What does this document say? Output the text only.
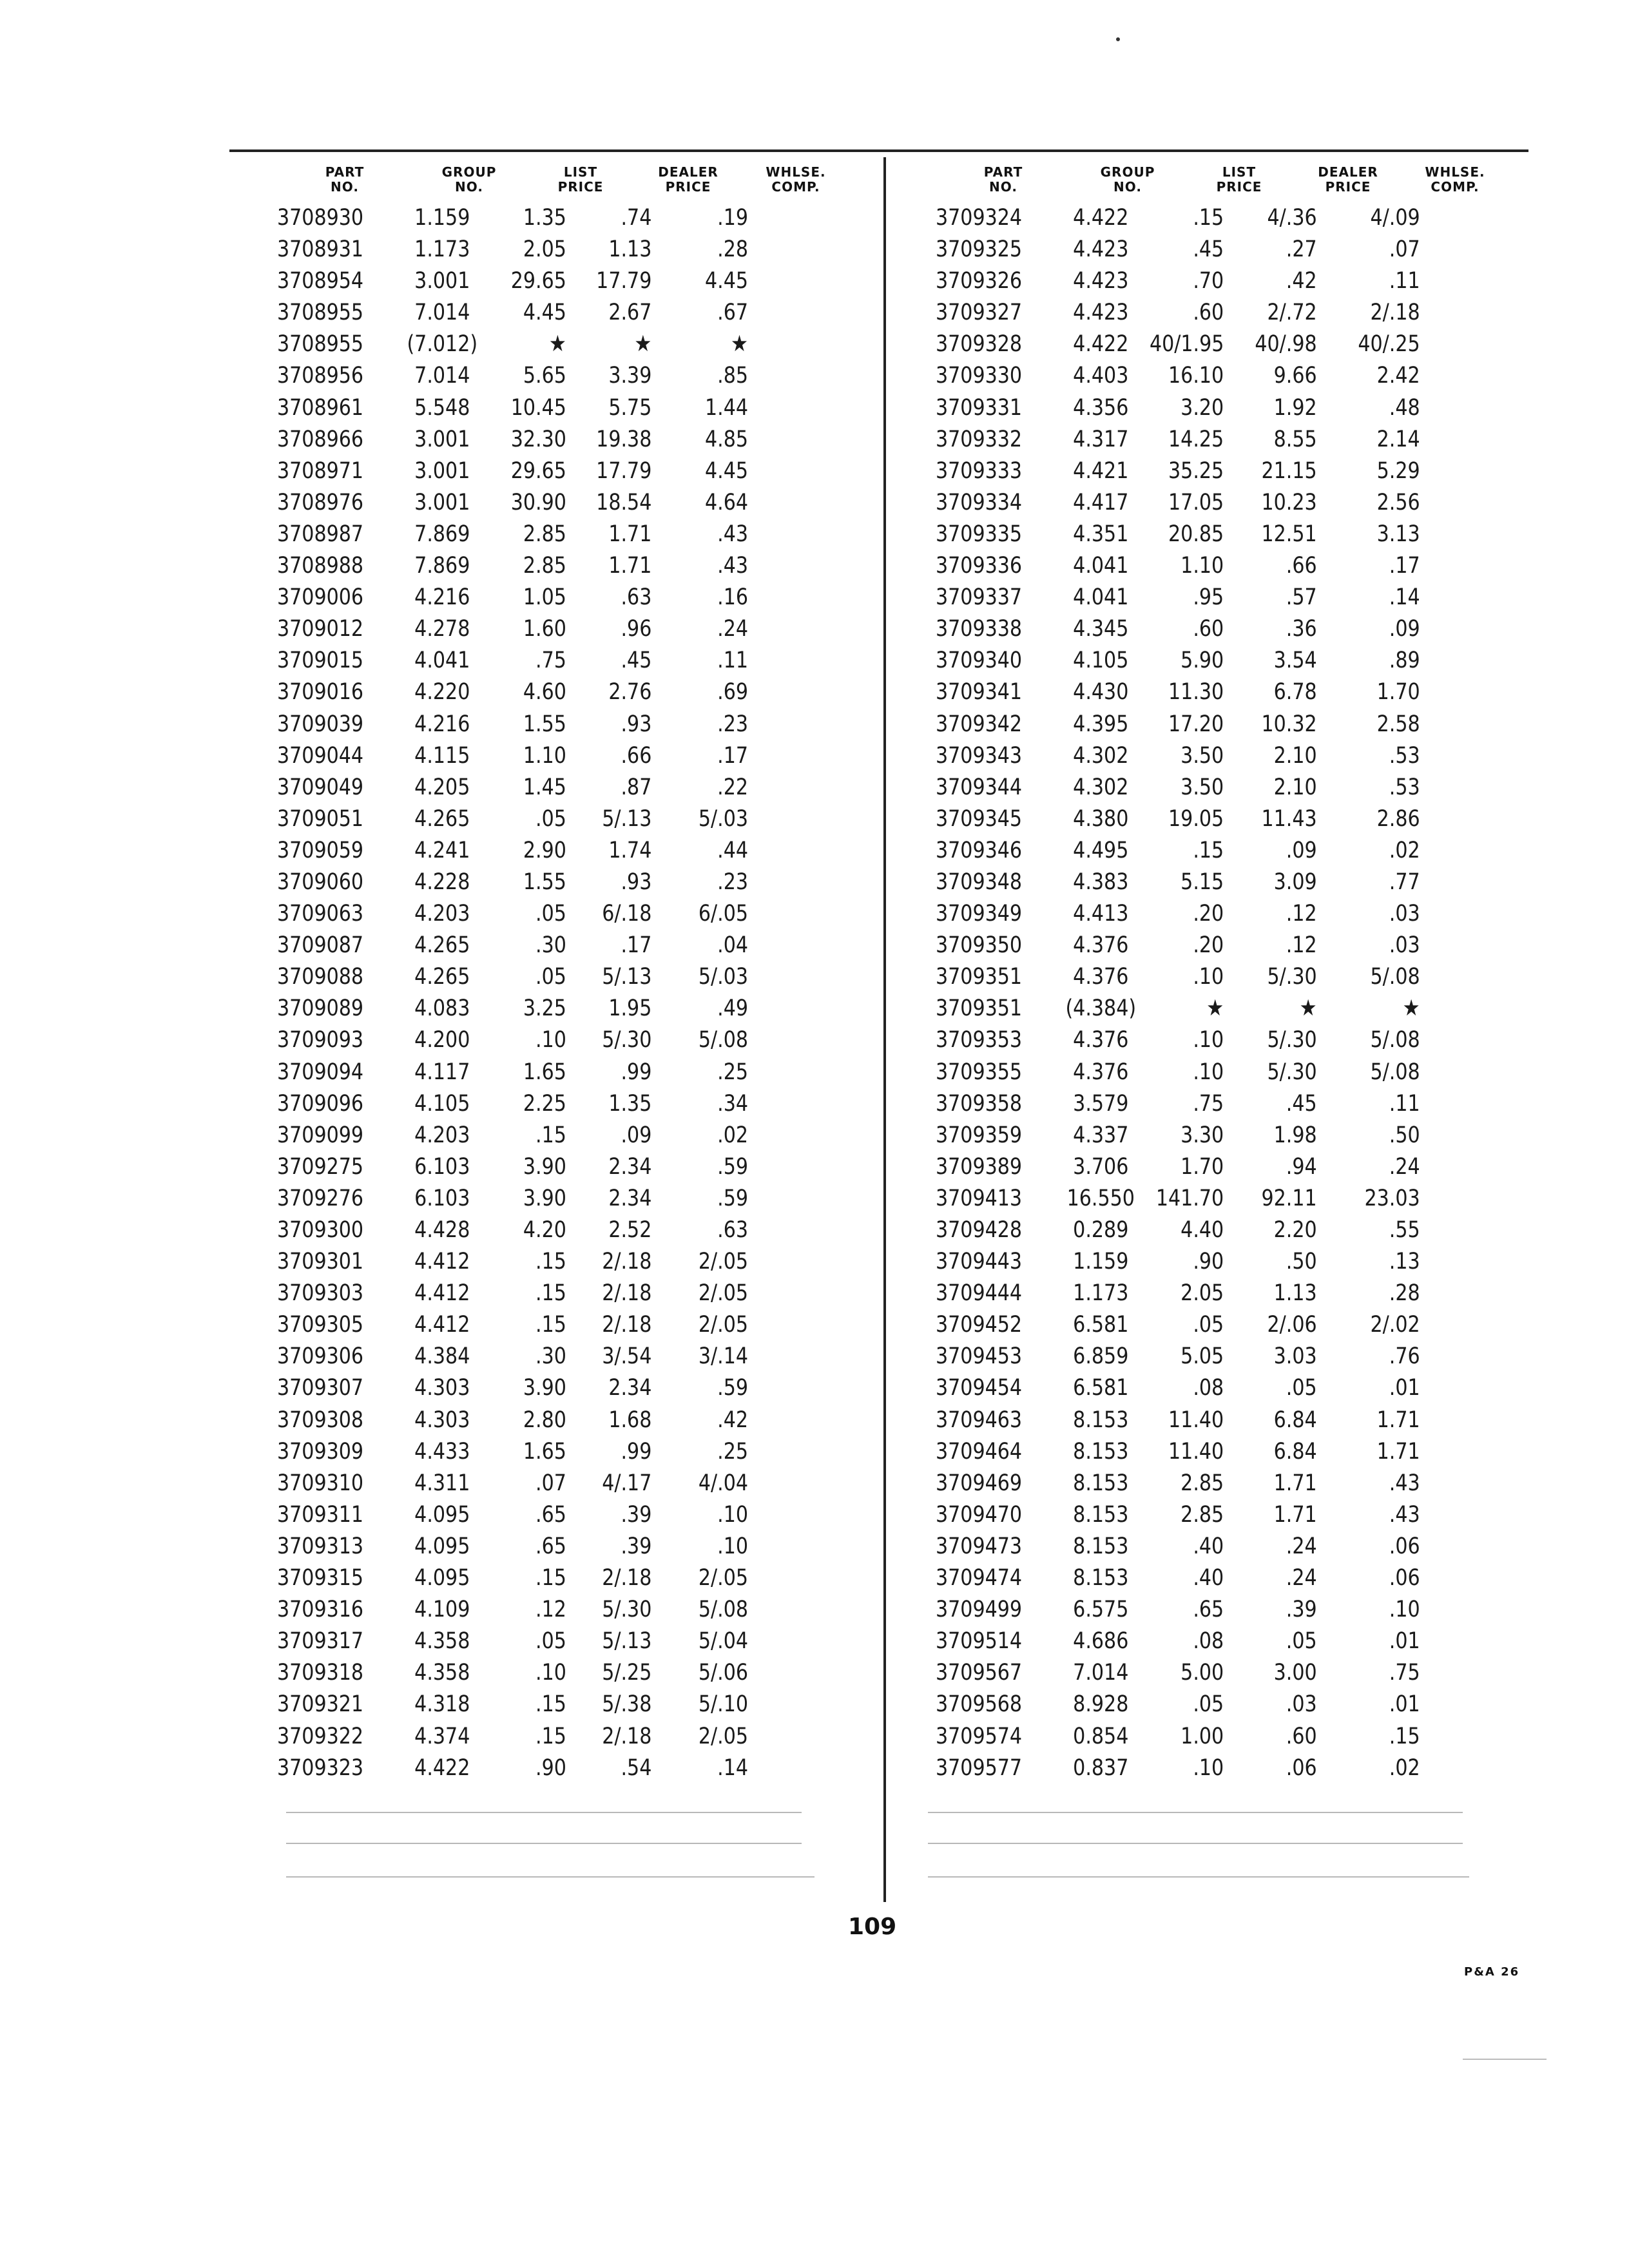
PART
NO.
GROUP
NO.
LIST
PRICE
DEALER
PRICE
WHLSE.
COMP.
3708930	1.159	1.35	.74	.19
3708931	1.173	2.05	1.13	.28
3708954	3.001	29.65	17.79	4.45
3708955	7.014	4.45	2.67	.67
3708955	(7.012)	★	★	★
3708956	7.014	5.65	3.39	.85
3708961	5.548	10.45	5.75	1.44
3708966	3.001	32.30	19.38	4.85
3708971	3.001	29.65	17.79	4.45
3708976	3.001	30.90	18.54	4.64
3708987	7.869	2.85	1.71	.43
3708988	7.869	2.85	1.71	.43
3709006	4.216	1.05	.63	.16
3709012	4.278	1.60	.96	.24
3709015	4.041	.75	.45	.11
3709016	4.220	4.60	2.76	.69
3709039	4.216	1.55	.93	.23
3709044	4.115	1.10	.66	.17
3709049	4.205	1.45	.87	.22
3709051	4.265	.05	5/.13	5/.03
3709059	4.241	2.90	1.74	.44
3709060	4.228	1.55	.93	.23
3709063	4.203	.05	6/.18	6/.05
3709087	4.265	.30	.17	.04
3709088	4.265	.05	5/.13	5/.03
3709089	4.083	3.25	1.95	.49
3709093	4.200	.10	5/.30	5/.08
3709094	4.117	1.65	.99	.25
3709096	4.105	2.25	1.35	.34
3709099	4.203	.15	.09	.02
3709275	6.103	3.90	2.34	.59
3709276	6.103	3.90	2.34	.59
3709300	4.428	4.20	2.52	.63
3709301	4.412	.15	2/.18	2/.05
3709303	4.412	.15	2/.18	2/.05
3709305	4.412	.15	2/.18	2/.05
3709306	4.384	.30	3/.54	3/.14
3709307	4.303	3.90	2.34	.59
3709308	4.303	2.80	1.68	.42
3709309	4.433	1.65	.99	.25
3709310	4.311	.07	4/.17	4/.04
3709311	4.095	.65	.39	.10
3709313	4.095	.65	.39	.10
3709315	4.095	.15	2/.18	2/.05
3709316	4.109	.12	5/.30	5/.08
3709317	4.358	.05	5/.13	5/.04
3709318	4.358	.10	5/.25	5/.06
3709321	4.318	.15	5/.38	5/.10
3709322	4.374	.15	2/.18	2/.05
3709323	4.422	.90	.54	.14
PART
NO.
GROUP
NO.
LIST
PRICE
DEALER
PRICE
WHLSE.
COMP.
3709324	4.422	.15	4/.36	4/.09
3709325	4.423	.45	.27	.07
3709326	4.423	.70	.42	.11
3709327	4.423	.60	2/.72	2/.18
3709328	4.422 40/1.95	40/.98	40/.25
3709330	4.403	16.10	9.66	2.42
3709331	4.356	3.20	1.92	.48
3709332	4.317	14.25	8.55	2.14
3709333	4.421	35.25	21.15	5.29
3709334	4.417	17.05	10.23	2.56
3709335	4.351	20.85	12.51	3.13
3709336	4.041	1.10	.66	.17
3709337	4.041	.95	.57	.14
3709338	4.345	.60	.36	.09
3709340	4.105	5.90	3.54	.89
3709341	4.430	11.30	6.78	1.70
3709342	4.395	17.20	10.32	2.58
3709343	4.302	3.50	2.10	.53
3709344	4.302	3.50	2.10	.53
3709345	4.380	19.05	11.43	2.86
3709346	4.495	.15	.09	.02
3709348	4.383	5.15	3.09	.77
3709349	4.413	.20	.12	.03
3709350	4.376	.20	.12	.03
3709351	4.376	.10	5/.30	5/.08
3709351	(4.384)	★	★	★
3709353	4.376	.10	5/.30	5/.08
3709355	4.376	.10	5/.30	5/.08
3709358	3.579	.75	.45	.11
3709359	4.337	3.30	1.98	.50
3709389	3.706	1.70	.94	.24
3709413	16.550 141.70	92.11	23.03
3709428	0.289	4.40	2.20	.55
3709443	1.159	.90	.50	.13
3709444	1.173	2.05	1.13	.28
3709452	6.581	.05	2/.06	2/.02
3709453	6.859	5.05	3.03	.76
3709454	6.581	.08	.05	.01
3709463	8.153	11.40	6.84	1.71
3709464	8.153	11.40	6.84	1.71
3709469	8.153	2.85	1.71	.43
3709470	8.153	2.85	1.71	.43
3709473	8.153	.40	.24	.06
3709474	8.153	.40	.24	.06
3709499	6.575	.65	.39	.10
3709514	4.686	.08	.05	.01
3709567	7.014	5.00	3.00	.75
3709568	8.928	.05	.03	.01
3709574	0.854	1.00	.60	.15
3709577	0.837	.10	.06	.02
109
P&A 26
